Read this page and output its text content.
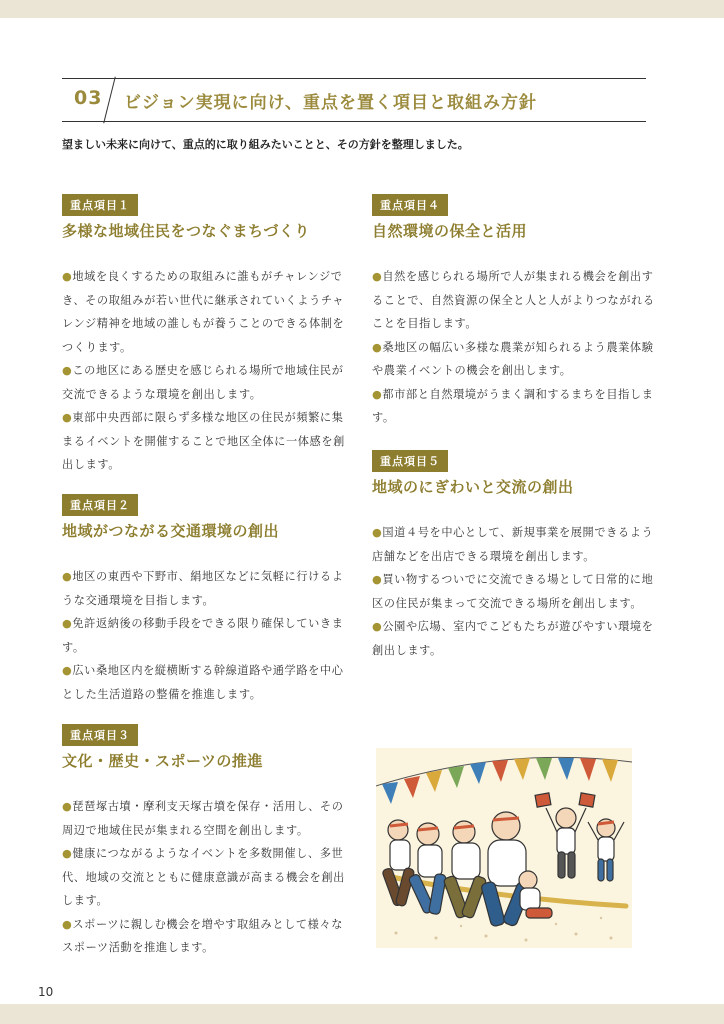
03 ビジョン実現に向け、重点を置く項目と取組み方針
望ましい未来に向けて、重点的に取り組みたいことと、その方針を整理しました。
重点項目１
多様な地域住民をつなぐまちづくり
●地域を良くするための取組みに誰もがチャレンジでき、その取組みが若い世代に継承されていくようチャレンジ精神を地域の誰しもが養うことのできる体制をつくります。
●この地区にある歴史を感じられる場所で地域住民が交流できるような環境を創出します。
●東部中央西部に限らず多様な地区の住民が頻繁に集まるイベントを開催することで地区全体に一体感を創出します。
重点項目２
地域がつながる交通環境の創出
●地区の東西や下野市、絹地区などに気軽に行けるような交通環境を目指します。
●免許返納後の移動手段をできる限り確保していきます。
●広い桑地区内を縦横断する幹線道路や通学路を中心とした生活道路の整備を推進します。
重点項目３
文化・歴史・スポーツの推進
●琵琶塚古墳・摩利支天塚古墳を保存・活用し、その周辺で地域住民が集まれる空間を創出します。
●健康につながるようなイベントを多数開催し、多世代、地域の交流とともに健康意識が高まる機会を創出します。
●スポーツに親しむ機会を増やす取組みとして様々なスポーツ活動を推進します。
重点項目４
自然環境の保全と活用
●自然を感じられる場所で人が集まれる機会を創出することで、自然資源の保全と人と人がよりつながれることを目指します。
●桑地区の幅広い多様な農業が知られるよう農業体験や農業イベントの機会を創出します。
●都市部と自然環境がうまく調和するまちを目指します。
重点項目５
地域のにぎわいと交流の創出
●国道４号を中心として、新規事業を展開できるよう店舗などを出店できる環境を創出します。
●買い物するついでに交流できる場として日常的に地区の住民が集まって交流できる場所を創出します。
●公園や広場、室内でこどもたちが遊びやすい環境を創出します。
10
